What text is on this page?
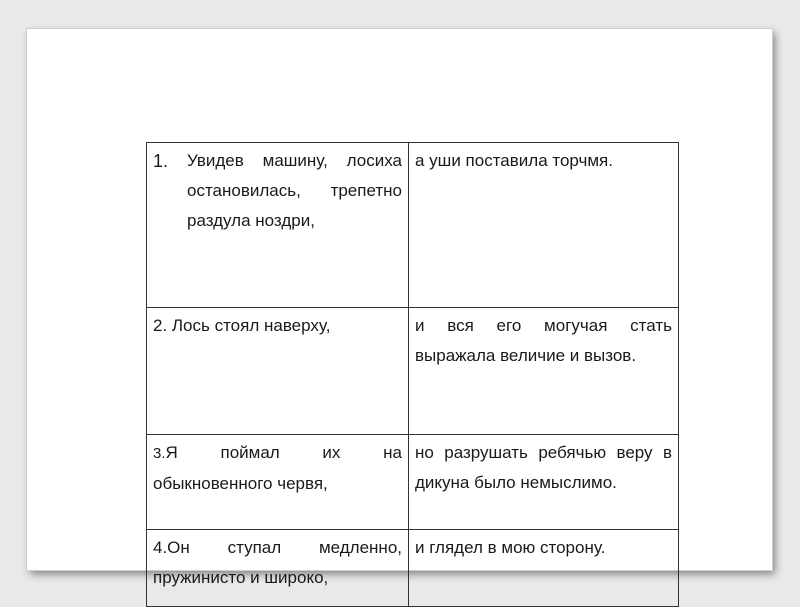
1. Увидев машину, лосиха остановилась, трепетно раздула ноздри,	а уши поставила торчмя.
2. Лось стоял наверху,	и вся его могучая стать выражала величие и вызов.
3.Я поймал их на обыкновенного червя,	но разрушать ребячью веру в дикуна было немыслимо.
4.Он ступал медленно, пружинисто и широко,	и глядел в мою сторону.
